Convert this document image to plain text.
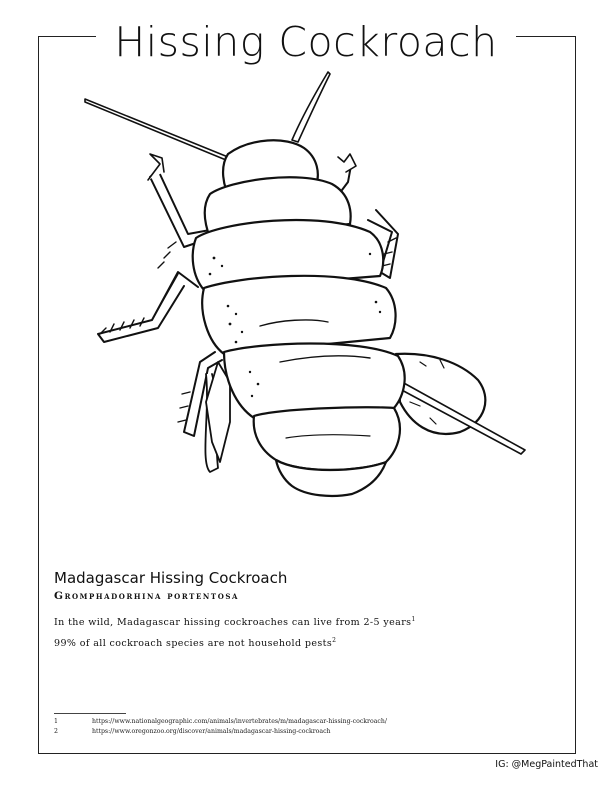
Hissing Cockroach
Madagascar Hissing Cockroach
Gromphadorhina portentosa
In the wild, Madagascar hissing cockroaches can live from 2-5 years$^1$
99% of all cockroach species are not household pests$^2$
1	https://www.nationalgeographic.com/animals/invertebrates/m/madagascar-hissing-cockroach/
2	https://www.oregonzoo.org/discover/animals/madagascar-hissing-cockroach
IG: @MegPaintedThat
